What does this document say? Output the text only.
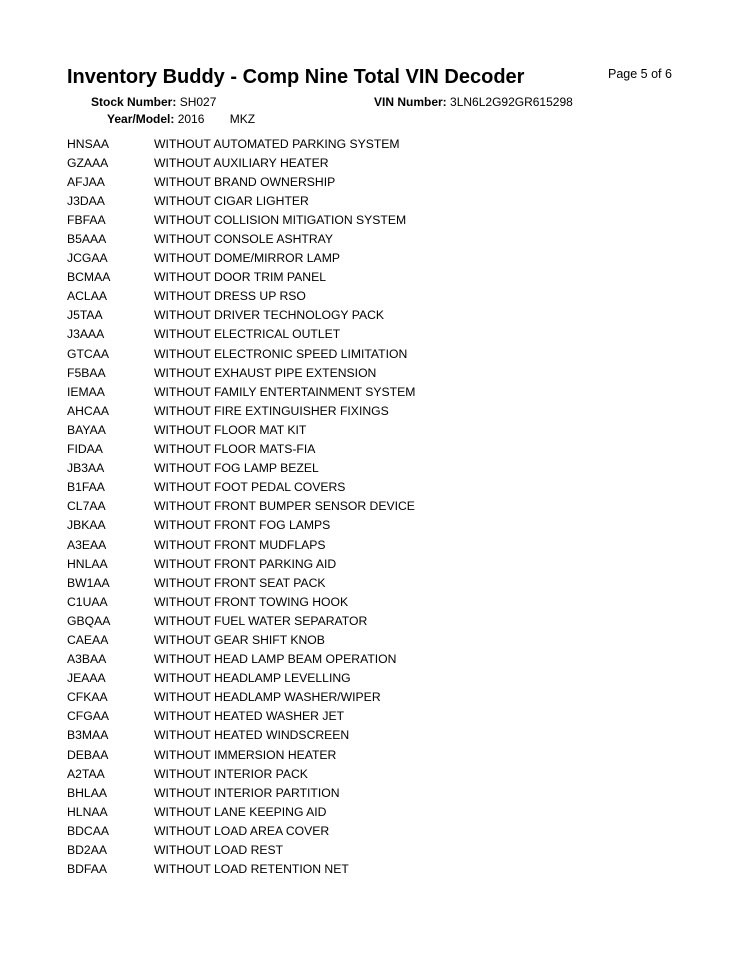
Inventory Buddy - Comp Nine Total VIN Decoder	Page 5 of 6
Stock Number: SH027	VIN Number: 3LN6L2G92GR615298
Year/Model: 2016 MKZ
HNSAA	WITHOUT AUTOMATED PARKING SYSTEM
GZAAA	WITHOUT AUXILIARY HEATER
AFJAA	WITHOUT BRAND OWNERSHIP
J3DAA	WITHOUT CIGAR LIGHTER
FBFAA	WITHOUT COLLISION MITIGATION SYSTEM
B5AAA	WITHOUT CONSOLE ASHTRAY
JCGAA	WITHOUT DOME/MIRROR LAMP
BCMAA	WITHOUT DOOR TRIM PANEL
ACLAA	WITHOUT DRESS UP RSO
J5TAA	WITHOUT DRIVER TECHNOLOGY PACK
J3AAA	WITHOUT ELECTRICAL OUTLET
GTCAA	WITHOUT ELECTRONIC SPEED LIMITATION
F5BAA	WITHOUT EXHAUST PIPE EXTENSION
IEMAA	WITHOUT FAMILY ENTERTAINMENT SYSTEM
AHCAA	WITHOUT FIRE EXTINGUISHER FIXINGS
BAYAA	WITHOUT FLOOR MAT KIT
FIDAA	WITHOUT FLOOR MATS-FIA
JB3AA	WITHOUT FOG LAMP BEZEL
B1FAA	WITHOUT FOOT PEDAL COVERS
CL7AA	WITHOUT FRONT BUMPER SENSOR DEVICE
JBKAA	WITHOUT FRONT FOG LAMPS
A3EAA	WITHOUT FRONT MUDFLAPS
HNLAA	WITHOUT FRONT PARKING AID
BW1AA	WITHOUT FRONT SEAT PACK
C1UAA	WITHOUT FRONT TOWING HOOK
GBQAA	WITHOUT FUEL WATER SEPARATOR
CAEAA	WITHOUT GEAR SHIFT KNOB
A3BAA	WITHOUT HEAD LAMP BEAM OPERATION
JEAAA	WITHOUT HEADLAMP LEVELLING
CFKAA	WITHOUT HEADLAMP WASHER/WIPER
CFGAA	WITHOUT HEATED WASHER JET
B3MAA	WITHOUT HEATED WINDSCREEN
DEBAA	WITHOUT IMMERSION HEATER
A2TAA	WITHOUT INTERIOR PACK
BHLAA	WITHOUT INTERIOR PARTITION
HLNAA	WITHOUT LANE KEEPING AID
BDCAA	WITHOUT LOAD AREA COVER
BD2AA	WITHOUT LOAD REST
BDFAA	WITHOUT LOAD RETENTION NET
